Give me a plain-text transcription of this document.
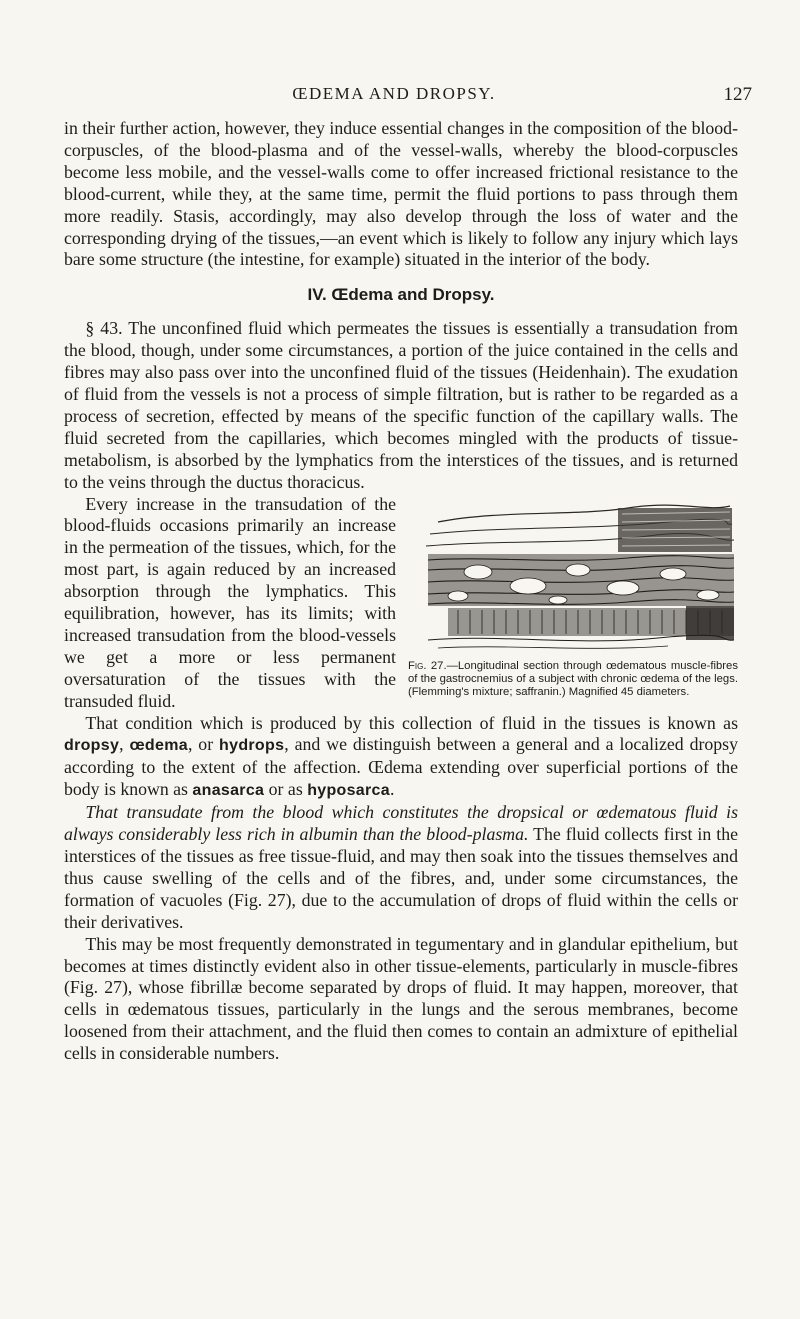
ŒDEMA AND DROPSY.	127

in their further action, however, they induce essential changes in the composition of the blood-corpuscles, of the blood-plasma and of the vessel-walls, whereby the blood-corpuscles become less mobile, and the vessel-walls come to offer increased frictional resistance to the blood-current, while they, at the same time, permit the fluid portions to pass through them more readily. Stasis, accordingly, may also develop through the loss of water and the corresponding drying of the tissues,—an event which is likely to follow any injury which lays bare some structure (the intestine, for example) situated in the interior of the body.

IV. Œdema and Dropsy.

§ 43. The unconfined fluid which permeates the tissues is essentially a transudation from the blood, though, under some circumstances, a portion of the juice contained in the cells and fibres may also pass over into the unconfined fluid of the tissues (Heidenhain). The exudation of fluid from the vessels is not a process of simple filtration, but is rather to be regarded as a process of secretion, effected by means of the specific function of the capillary walls. The fluid secreted from the capillaries, which becomes mingled with the products of tissue-metabolism, is absorbed by the lymphatics from the interstices of the tissues, and is returned to the veins through the ductus thoracicus.

Fig. 27.—Longitudinal section through œdematous muscle-fibres of the gastrocnemius of a subject with chronic œdema of the legs. (Flemming's mixture; saffranin.) Magnified 45 diameters.

Every increase in the transudation of the blood-fluids occasions primarily an increase in the permeation of the tissues, which, for the most part, is again reduced by an increased absorption through the lymphatics. This equilibration, however, has its limits; with increased transudation from the blood-vessels we get a more or less permanent oversaturation of the tissues with the transuded fluid.

That condition which is produced by this collection of fluid in the tissues is known as dropsy, œdema, or hydrops, and we distinguish between a general and a localized dropsy according to the extent of the affection. Œdema extending over superficial portions of the body is known as anasarca or as hyposarca.

That transudate from the blood which constitutes the dropsical or œdematous fluid is always considerably less rich in albumin than the blood-plasma. The fluid collects first in the interstices of the tissues as free tissue-fluid, and may then soak into the tissues themselves and thus cause swelling of the cells and of the fibres, and, under some circumstances, the formation of vacuoles (Fig. 27), due to the accumulation of drops of fluid within the cells or their derivatives.

This may be most frequently demonstrated in tegumentary and in glandular epithelium, but becomes at times distinctly evident also in other tissue-elements, particularly in muscle-fibres (Fig. 27), whose fibrillæ become separated by drops of fluid. It may happen, moreover, that cells in œdematous tissues, particularly in the lungs and the serous membranes, become loosened from their attachment, and the fluid then comes to contain an admixture of epithelial cells in considerable numbers.
